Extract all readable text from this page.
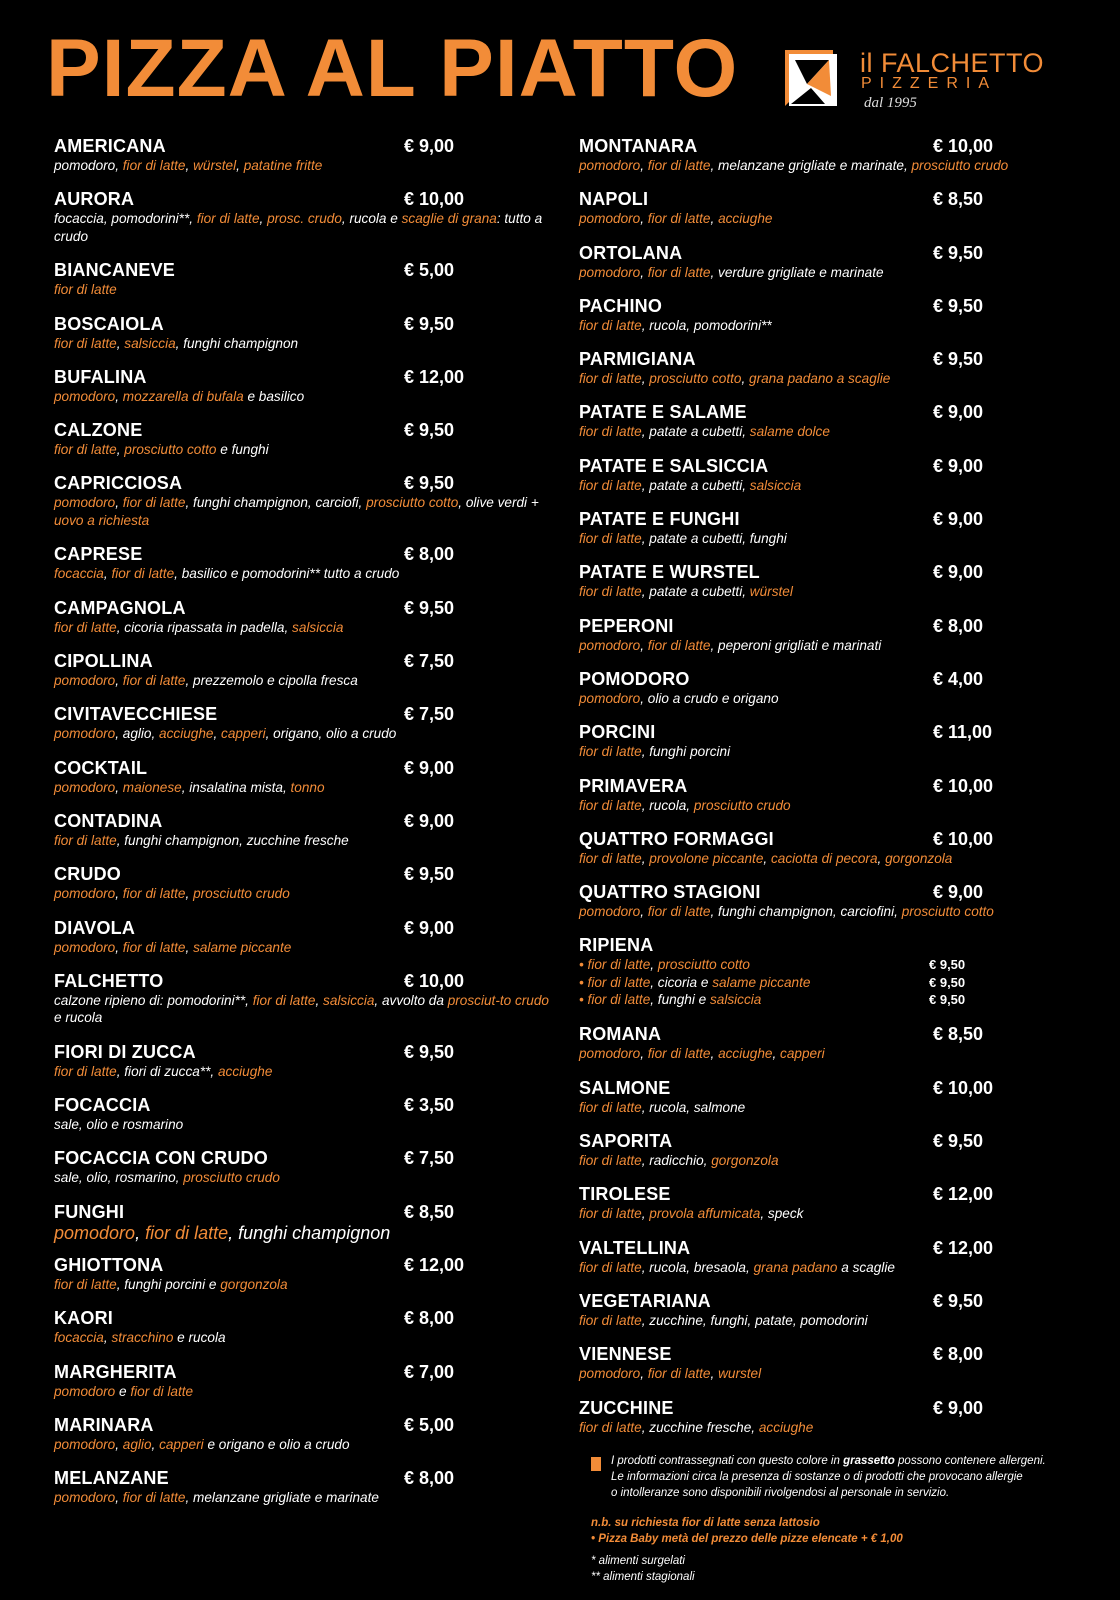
PIZZA AL PIATTO	il FALCHETTO
PIZZERIA
dal 1995
AMERICANA	€ 9,00
pomodoro, fior di latte, würstel, patatine fritte
AURORA	€ 10,00
focaccia, pomodorini**, fior di latte, prosc. crudo, rucola e scaglie di grana: tutto a crudo
BIANCANEVE	€ 5,00
fior di latte
BOSCAIOLA	€ 9,50
fior di latte, salsiccia, funghi champignon
BUFALINA	€ 12,00
pomodoro, mozzarella di bufala e basilico
CALZONE	€ 9,50
fior di latte, prosciutto cotto e funghi
CAPRICCIOSA	€ 9,50
pomodoro, fior di latte, funghi champignon, carciofi, prosciutto cotto, olive verdi + uovo a richiesta
CAPRESE	€ 8,00
focaccia, fior di latte, basilico e pomodorini** tutto a crudo
CAMPAGNOLA	€ 9,50
fior di latte, cicoria ripassata in padella, salsiccia
CIPOLLINA	€ 7,50
pomodoro, fior di latte, prezzemolo e cipolla fresca
CIVITAVECCHIESE	€ 7,50
pomodoro, aglio, acciughe, capperi, origano, olio a crudo
COCKTAIL	€ 9,00
pomodoro, maionese, insalatina mista, tonno
CONTADINA	€ 9,00
fior di latte, funghi champignon, zucchine fresche
CRUDO	€ 9,50
pomodoro, fior di latte, prosciutto crudo
DIAVOLA	€ 9,00
pomodoro, fior di latte, salame piccante
FALCHETTO	€ 10,00
calzone ripieno di: pomodorini**, fior di latte, salsiccia, avvolto da prosciut-to crudo e rucola
FIORI DI ZUCCA	€ 9,50
fior di latte, fiori di zucca**, acciughe
FOCACCIA	€ 3,50
sale, olio e rosmarino
FOCACCIA CON CRUDO	€ 7,50
sale, olio, rosmarino, prosciutto crudo
FUNGHI	€ 8,50
pomodoro, fior di latte, funghi champignon
GHIOTTONA	€ 12,00
fior di latte, funghi porcini e gorgonzola
KAORI	€ 8,00
focaccia, stracchino e rucola
MARGHERITA	€ 7,00
pomodoro e fior di latte
MARINARA	€ 5,00
pomodoro, aglio, capperi e origano e olio a crudo
MELANZANE	€ 8,00
pomodoro, fior di latte, melanzane grigliate e marinate
MONTANARA	€ 10,00
pomodoro, fior di latte, melanzane grigliate e marinate, prosciutto crudo
NAPOLI	€ 8,50
pomodoro, fior di latte, acciughe
ORTOLANA	€ 9,50
pomodoro, fior di latte, verdure grigliate e marinate
PACHINO	€ 9,50
fior di latte, rucola, pomodorini**
PARMIGIANA	€ 9,50
fior di latte, prosciutto cotto, grana padano a scaglie
PATATE E SALAME	€ 9,00
fior di latte, patate a cubetti, salame dolce
PATATE E SALSICCIA	€ 9,00
fior di latte, patate a cubetti, salsiccia
PATATE E FUNGHI	€ 9,00
fior di latte, patate a cubetti, funghi
PATATE E WURSTEL	€ 9,00
fior di latte, patate a cubetti, würstel
PEPERONI	€ 8,00
pomodoro, fior di latte, peperoni grigliati e marinati
POMODORO	€ 4,00
pomodoro, olio a crudo e origano
PORCINI	€ 11,00
fior di latte, funghi porcini
PRIMAVERA	€ 10,00
fior di latte, rucola, prosciutto crudo
QUATTRO FORMAGGI	€ 10,00
fior di latte, provolone piccante, caciotta di pecora, gorgonzola
QUATTRO STAGIONI	€ 9,00
pomodoro, fior di latte, funghi champignon, carciofini, prosciutto cotto
RIPIENA
• fior di latte, prosciutto cotto	€ 9,50
• fior di latte, cicoria e salame piccante	€ 9,50
• fior di latte, funghi e salsiccia	€ 9,50
ROMANA	€ 8,50
pomodoro, fior di latte, acciughe, capperi
SALMONE	€ 10,00
fior di latte, rucola, salmone
SAPORITA	€ 9,50
fior di latte, radicchio, gorgonzola
TIROLESE	€ 12,00
fior di latte, provola affumicata, speck
VALTELLINA	€ 12,00
fior di latte, rucola, bresaola, grana padano a scaglie
VEGETARIANA	€ 9,50
fior di latte, zucchine, funghi, patate, pomodorini
VIENNESE	€ 8,00
pomodoro, fior di latte, wurstel
ZUCCHINE	€ 9,00
fior di latte, zucchine fresche, acciughe
I prodotti contrassegnati con questo colore in grassetto possono contenere allergeni.
Le informazioni circa la presenza di sostanze o di prodotti che provocano allergie
o intolleranze sono disponibili rivolgendosi al personale in servizio.
n.b. su richiesta fior di latte senza lattosio
• Pizza Baby metà del prezzo delle pizze elencate + € 1,00
* alimenti surgelati
** alimenti stagionali
